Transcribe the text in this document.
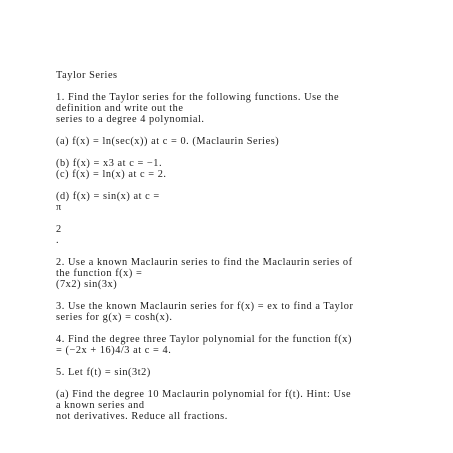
Taylor Series
1. Find the Taylor series for the following functions. Use the
definition and write out the
series to a degree 4 polynomial.
(a) f(x) = ln(sec(x)) at c = 0. (Maclaurin Series)
(b) f(x) = x3 at c = −1.
(c) f(x) = ln(x) at c = 2.
(d) f(x) = sin(x) at c =
π
2
.
2. Use a known Maclaurin series to find the Maclaurin series of
the function f(x) =
(7x2) sin(3x)
3. Use the known Maclaurin series for f(x) = ex to find a Taylor
series for g(x) = cosh(x).
4. Find the degree three Taylor polynomial for the function f(x)
= (−2x + 16)4/3 at c = 4.
5. Let f(t) = sin(3t2)
(a) Find the degree 10 Maclaurin polynomial for f(t). Hint: Use
a known series and
not derivatives. Reduce all fractions.
